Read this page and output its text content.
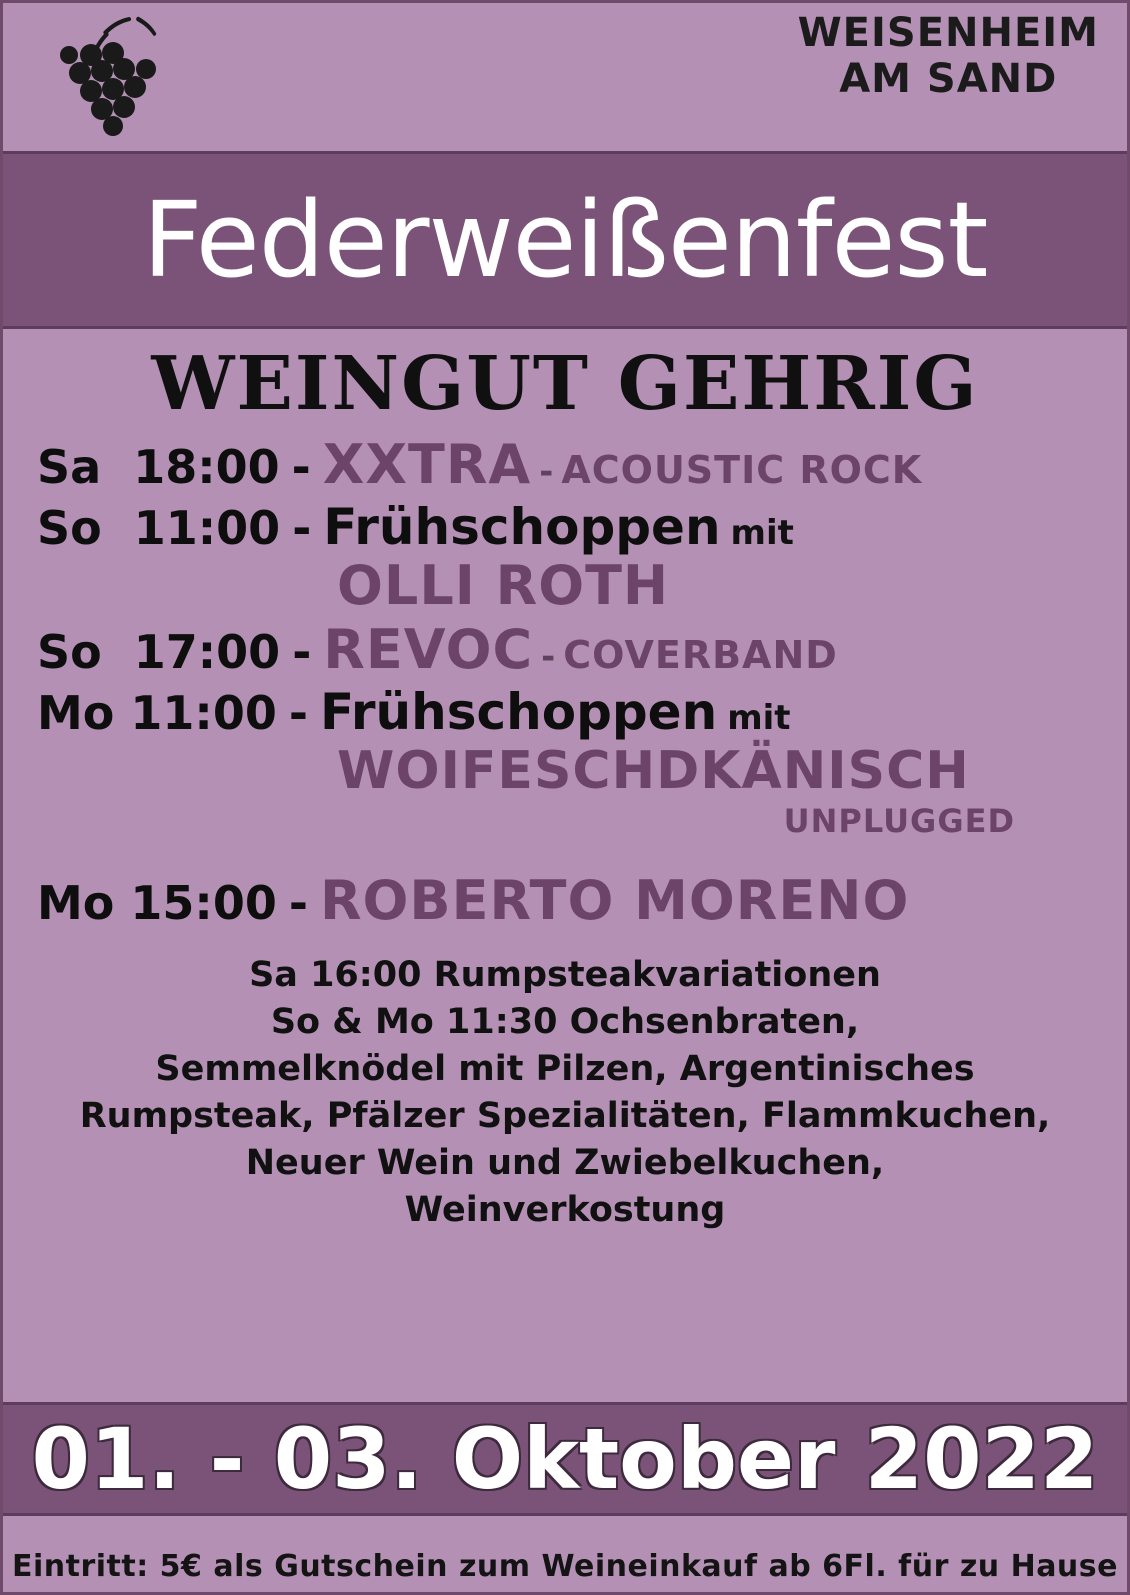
WEISENHEIM
AM SAND
Federweißenfest
WEINGUT GEHRIG
Sa 18:00 - XXTRA - ACOUSTIC ROCK
So 11:00 - Frühschoppen mit
OLLI ROTH
So 17:00 - REVOC - COVERBAND
Mo 11:00 - Frühschoppen mit
WOIFESCHDKÄNISCH
UNPLUGGED
Mo 15:00 - ROBERTO MORENO
Sa 16:00 Rumpsteakvariationen
So & Mo 11:30 Ochsenbraten,
Semmelknödel mit Pilzen, Argentinisches
Rumpsteak, Pfälzer Spezialitäten, Flammkuchen,
Neuer Wein und Zwiebelkuchen,
Weinverkostung
01. - 03. Oktober 2022
Eintritt: 5€ als Gutschein zum Weineinkauf ab 6Fl. für zu Hause
